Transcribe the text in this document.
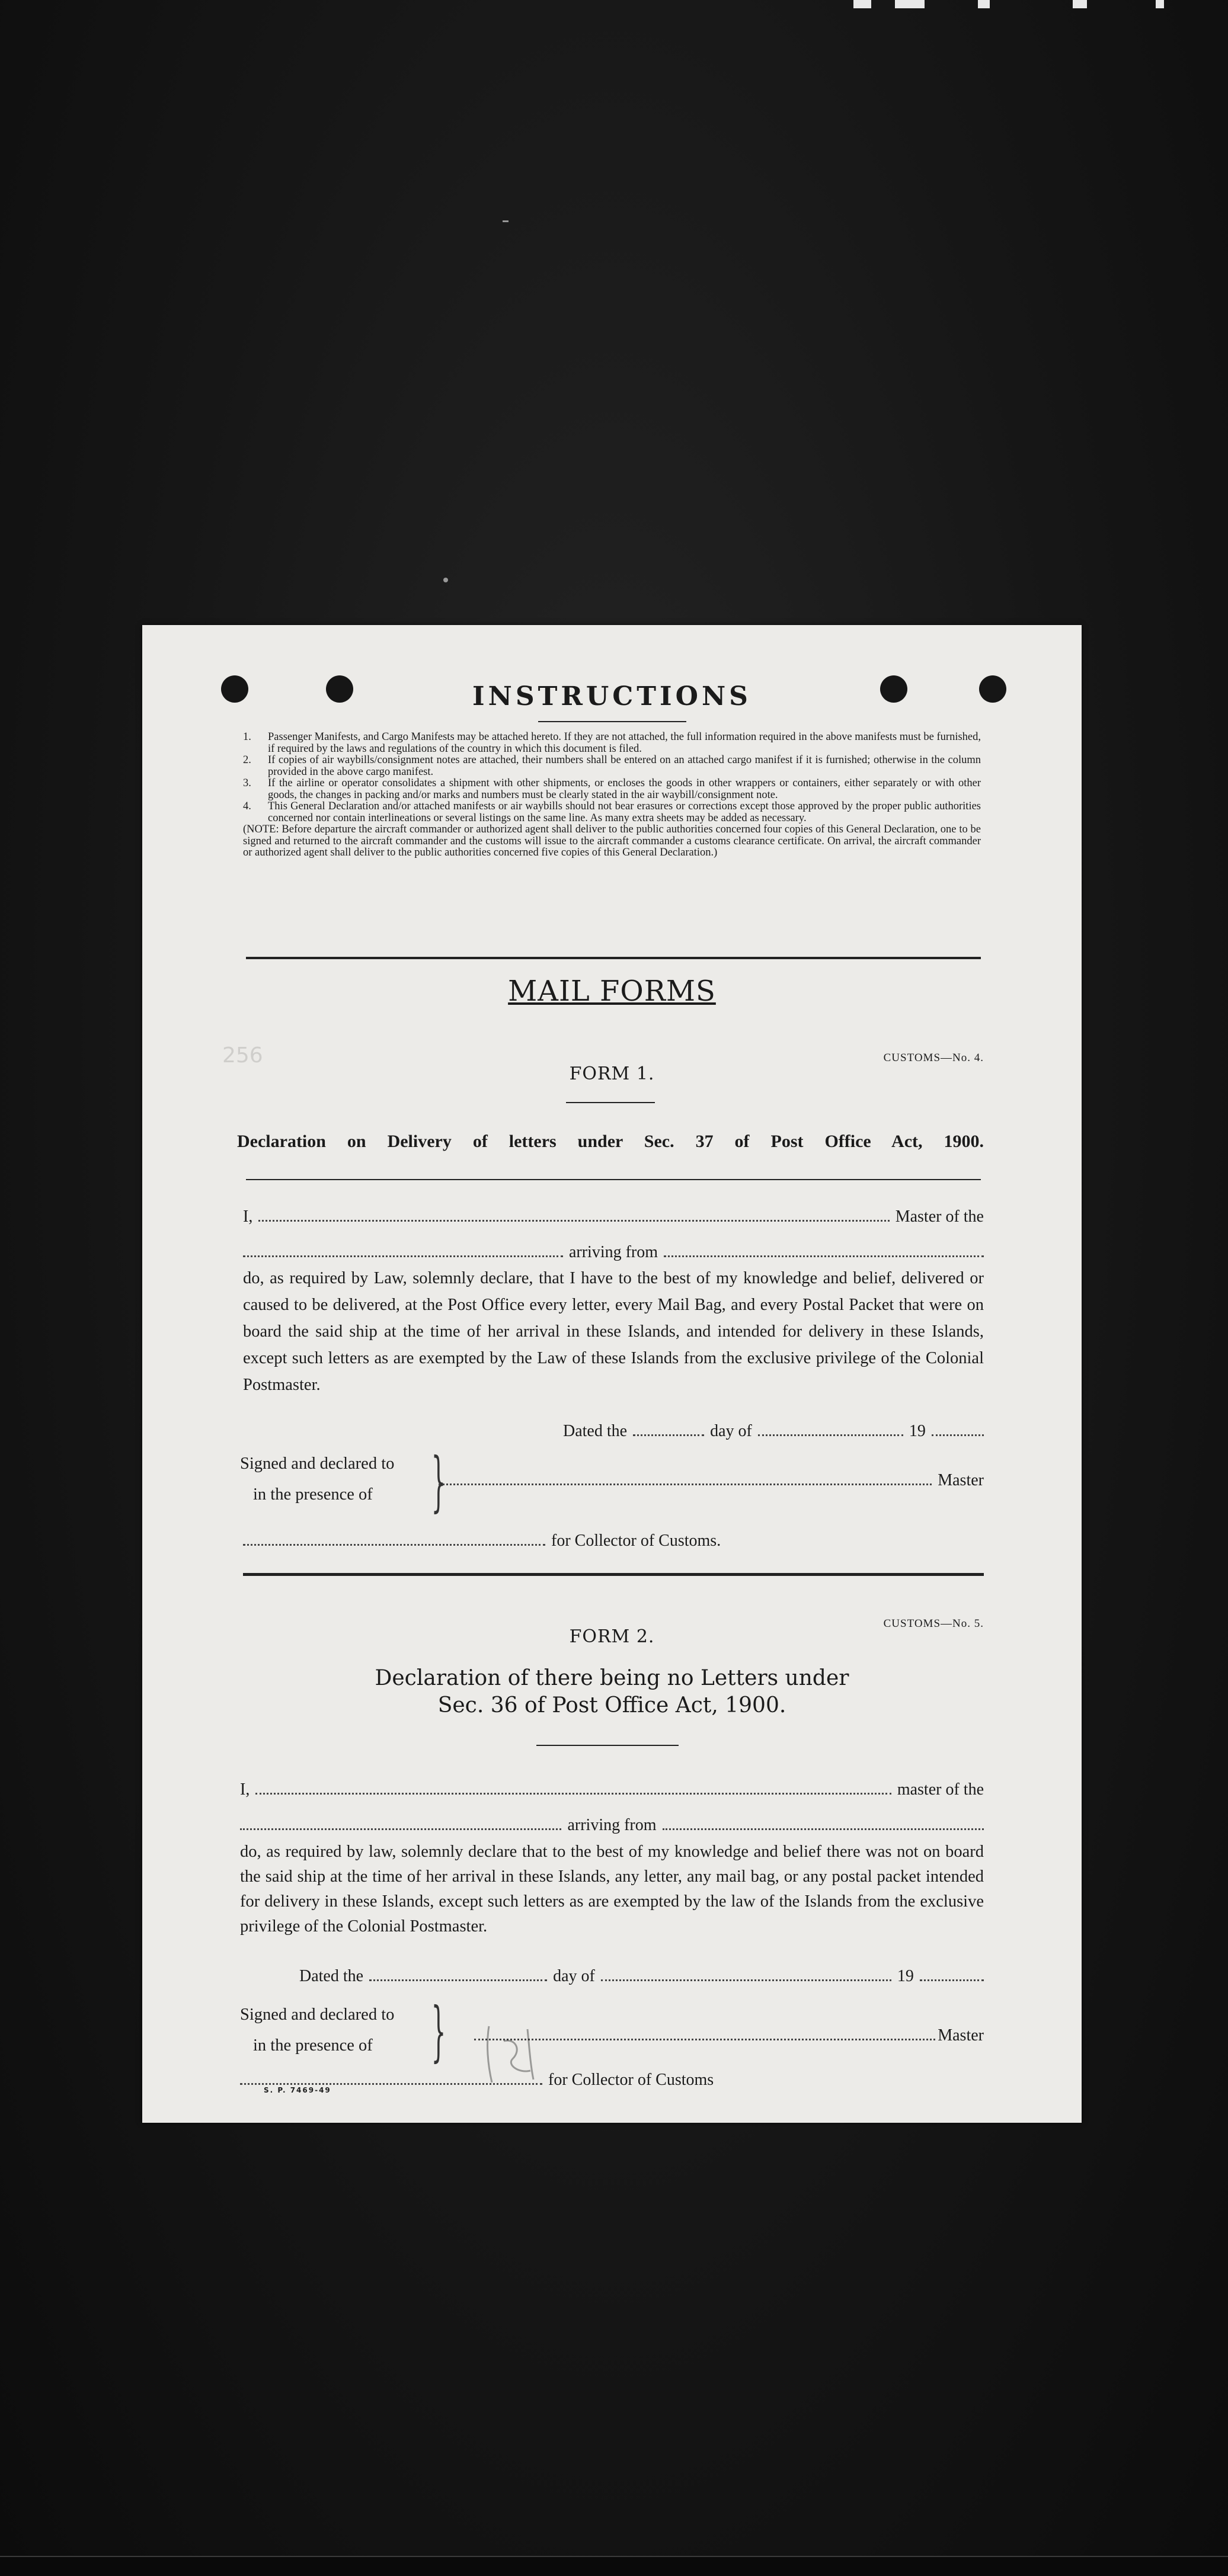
INSTRUCTIONS
1.	Passenger Manifests, and Cargo Manifests may be attached hereto. If they are not attached, the full information required in the above manifests must be furnished, if required by the laws and regulations of the country in which this document is filed.
2.	If copies of air waybills/consignment notes are attached, their numbers shall be entered on an attached cargo manifest if it is furnished; otherwise in the column provided in the above cargo manifest.
3.	If the airline or operator consolidates a shipment with other shipments, or encloses the goods in other wrappers or containers, either separately or with other goods, the changes in packing and/or marks and numbers must be clearly stated in the air waybill/consignment note.
4.	This General Declaration and/or attached manifests or air waybills should not bear erasures or corrections except those approved by the proper public authorities concerned nor contain interlineations or several listings on the same line. As many extra sheets may be added as necessary.
(NOTE: Before departure the aircraft commander or authorized agent shall deliver to the public authorities concerned four copies of this General Declaration, one to be signed and returned to the aircraft commander and the customs will issue to the aircraft commander a customs clearance certificate. On arrival, the aircraft commander or authorized agent shall deliver to the public authorities concerned five copies of this General Declaration.)
MAIL FORMS
256	CUSTOMS—No. 4.
FORM 1.
Declaration on Delivery of letters under Sec. 37 of Post Office Act, 1900.
I,	Master of the
arriving from
do, as required by Law, solemnly declare, that I have to the best of my knowledge and belief, delivered or caused to be delivered, at the Post Office every letter, every Mail Bag, and every Postal Packet that were on board the said ship at the time of her arrival in these Islands, and intended for delivery in these Islands, except such letters as are exempted by the Law of these Islands from the exclusive privilege of the Colonial Postmaster.
Dated the	day of	19
Signed and declared to
in the presence of }	Master
for Collector of Customs.
CUSTOMS—No. 5.
FORM 2.
Declaration of there being no Letters under
Sec. 36 of Post Office Act, 1900.
I,	master of the
arriving from
do, as required by law, solemnly declare that to the best of my knowledge and belief there was not on board the said ship at the time of her arrival in these Islands, any letter, any mail bag, or any postal packet intended for delivery in these Islands, except such letters as are exempted by the law of the Islands from the exclusive privilege of the Colonial Postmaster.
Dated the	day of	19
Signed and declared to
in the presence of }	Master
for Collector of Customs
S. P. 7469-49
